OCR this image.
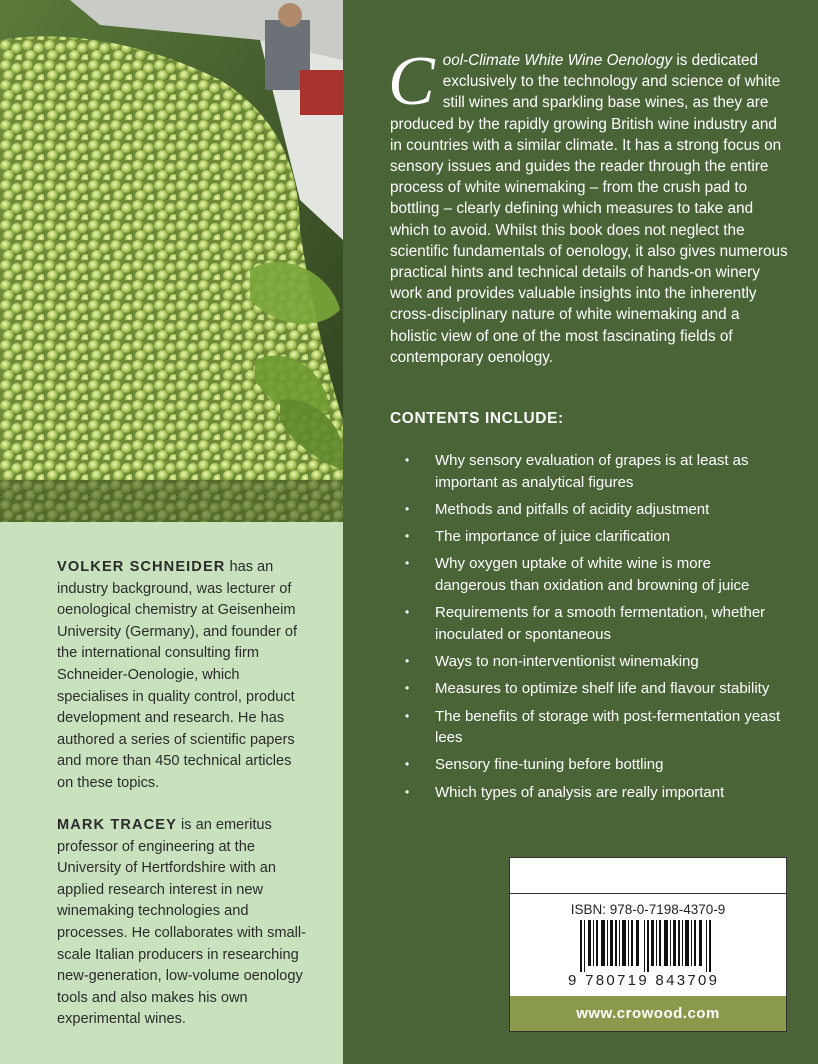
VOLKER SCHNEIDER has an industry background, was lecturer of oenological chemistry at Geisenheim University (Germany), and founder of the international consulting firm Schneider-Oenologie, which specialises in quality control, product development and research. He has authored a series of scientific papers and more than 450 technical articles on these topics.

MARK TRACEY is an emeritus professor of engineering at the University of Hertfordshire with an applied research interest in new winemaking technologies and processes. He collaborates with small-scale Italian producers in researching new-generation, low-volume oenology tools and also makes his own experimental wines.

Cool-Climate White Wine Oenology is dedicated exclusively to the technology and science of white still wines and sparkling base wines, as they are produced by the rapidly growing British wine industry and in countries with a similar climate. It has a strong focus on sensory issues and guides the reader through the entire process of white winemaking – from the crush pad to bottling – clearly defining which measures to take and which to avoid. Whilst this book does not neglect the scientific fundamentals of oenology, it also gives numerous practical hints and technical details of hands-on winery work and provides valuable insights into the inherently cross-disciplinary nature of white winemaking and a holistic view of one of the most fascinating fields of contemporary oenology.

CONTENTS INCLUDE:
• Why sensory evaluation of grapes is at least as important as analytical figures
• Methods and pitfalls of acidity adjustment
• The importance of juice clarification
• Why oxygen uptake of white wine is more dangerous than oxidation and browning of juice
• Requirements for a smooth fermentation, whether inoculated or spontaneous
• Ways to non-interventionist winemaking
• Measures to optimize shelf life and flavour stability
• The benefits of storage with post-fermentation yeast lees
• Sensory fine-tuning before bottling
• Which types of analysis are really important
ISBN: 978-0-7198-4370-9
9 780719 843709
www.crowood.com
